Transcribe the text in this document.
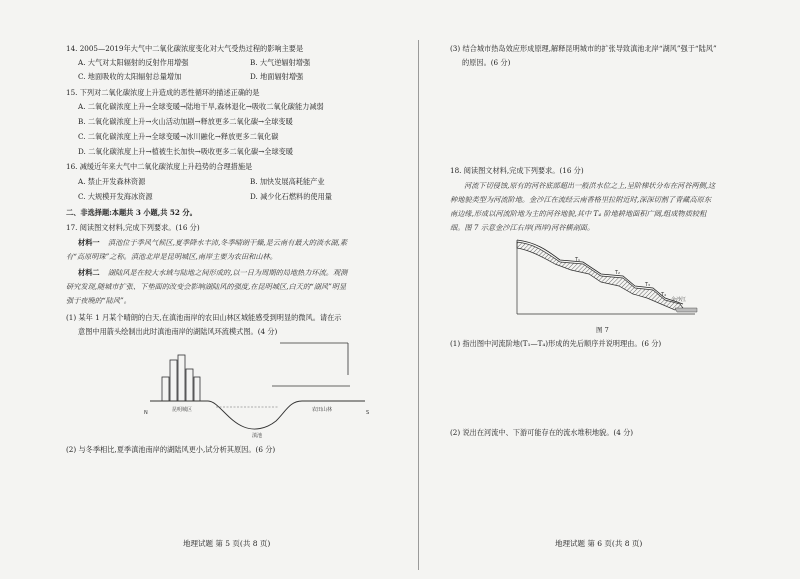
14. 2005—2019年大气中二氧化碳浓度变化对大气受热过程的影响主要是
A. 大气对太阳辐射的反射作用增强	B. 大气逆辐射增强
C. 地面吸收的太阳辐射总量增加	D. 地面辐射增强
15. 下列对二氧化碳浓度上升造成的恶性循环的描述正确的是
A. 二氧化碳浓度上升→全球变暖→陆地干旱,森林退化→吸收二氧化碳能力减弱
B. 二氧化碳浓度上升→火山活动加剧→释放更多二氧化碳→全球变暖
C. 二氧化碳浓度上升→全球变暖→冰川融化→释放更多二氧化碳
D. 二氧化碳浓度上升→植被生长加快→吸收更多二氧化碳→全球变暖
16. 减缓近年来大气中二氧化碳浓度上升趋势的合理措施是
A. 禁止开发森林资源	B. 加快发展高耗能产业
C. 大规模开发海冰资源	D. 减少化石燃料的使用量
二、非选择题:本题共 3 小题,共 52 分。
17. 阅读图文材料,完成下列要求。(16 分)
材料一 滇池位于季风气候区,夏季降水丰沛,冬季晴朗干燥,是云南有最大的淡水湖,素
有“高原明珠”之称。滇池北岸是昆明城区,南岸主要为农田和山林。
材料二 湖陆风是在较大水域与陆地之间形成的,以一日为周期的局地热力环流。观测
研究发现,随城市扩张、下垫面的改变会影响湖陆风的强度,在昆明城区,白天的“湖风”明显
强于夜晚的“陆风”。
(1) 某年 1 月某个晴朗的白天,在滇池南岸的农田山林区城能感受到明显的微风。请在示
意图中用箭头绘制出此时滇池南岸的湖陆风环流模式图。(4 分)
N	S
昆明城区
滇池
农田山林
(2) 与冬季相比,夏季滇池南岸的湖陆风更小,试分析其原因。(6 分)
地理试题 第 5 页(共 8 页)
(3) 结合城市热岛效应形成原理,解释昆明城市的扩张导致滇池北岸“湖风”强于“陆风”
的原因。(6 分)
18. 阅读图文材料,完成下列要求。(16 分)
河流下切侵蚀,原有的河谷底部超出一般洪水位之上,呈阶梯状分布在河谷两侧,这
种地貌类型为河流阶地。金沙江在流经云南香格里拉附近时,深深切割了青藏高原东
南边缘,形成以河流阶地为主的河谷地貌,其中 T₄ 阶地耕地面积广阔,组成物质较粗
细。图 7 示意金沙江右岸(西岸)河谷横剖面。
T₁
T₂
T₃
T₄
金沙江
图 7
(1) 指出图中河流阶地(T₁—T₄)形成的先后顺序并说明理由。(6 分)
(2) 说出在河流中、下游可能存在的流水堆积地貌。(4 分)
地理试题 第 6 页(共 8 页)
